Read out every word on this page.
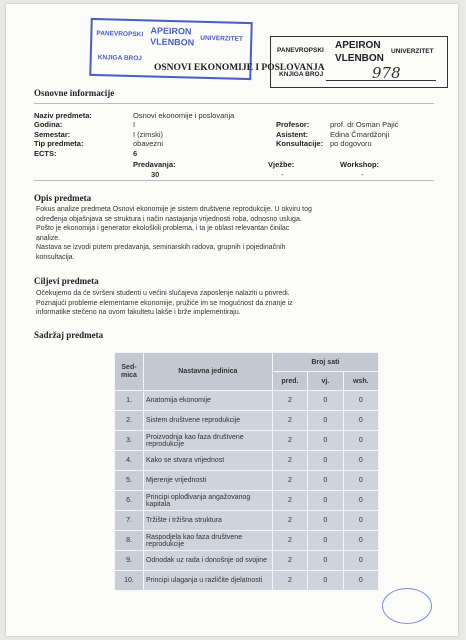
PANEVROPSKI APEIRON
UNIVERZITET
VLENBON
KNJIGA BROJ
PANEVROPSKI APEIRON
UNIVERZITET
VLENBON
KNJIGA BROJ	978
OSNOVI EKONOMIJE I POSLOVANJA
Osnovne informacije
Naziv predmeta:	Osnovi ekonomije i poslovanja
Godina:	I
Semestar:	I (zimski)
Tip predmeta:	obavezni
ECTS:	6
Predavanja:
30
Profesor:	prof. dr Osman Pajić
Asistent:	Edina Čmardžonji
Konsultacije: po dogovoru
Vježbe:
-
Workshop:
-
Opis predmeta
Fokus analize predmeta Osnovi ekonomije je sistem društvene reprodukcije. U okviru tog
određenja objašnjava se struktura i način nastajanja vrijednosti roba, odnosno usluga.
Pošto je ekonomija i generator ekološkili problema, i ta je oblast relevantan činilac
analize.
Nastava se izvodi putem predavanja, seminarskih radova, grupnih i pojedinačnih
konsultacija.
Ciljevi predmeta
Očekujemo da će svršeni studenti u većini slučajeva zaposlenje nalaziti u privredi.
Poznajući probleme elementarne ekonomije, pružiće im se mogućnost da znanje iz
informatike stečeno na ovom fakultetu lakše i brže implementiraju.
Sadržaj predmeta
Sed-
mica	Nastavna jedinica	Broj sati		
		pred.	vj.	wsh.
1.	Anatomija ekonomije	2	0	0
2.	Sistem društvene reprodukcije	2	0	0
3.	Proizvodnja kao faza društvene reprodukcije	2	0	0
4.	Kako se stvara vrijednost	2	0	0
5.	Mjerenje vrijednosti	2	0	0
6.	Principi oplođivanja angažovanog kapitala	2	0	0
7.	Tržište i tržišna struktura	2	0	0
8.	Raspodjela kao faza društvene reprodukcije	2	0	0
9.	Odnodak uz rada i donošnje od svojine	2	0	0
10.	Principi ulaganja u različite djelatnosti	2	0	0
